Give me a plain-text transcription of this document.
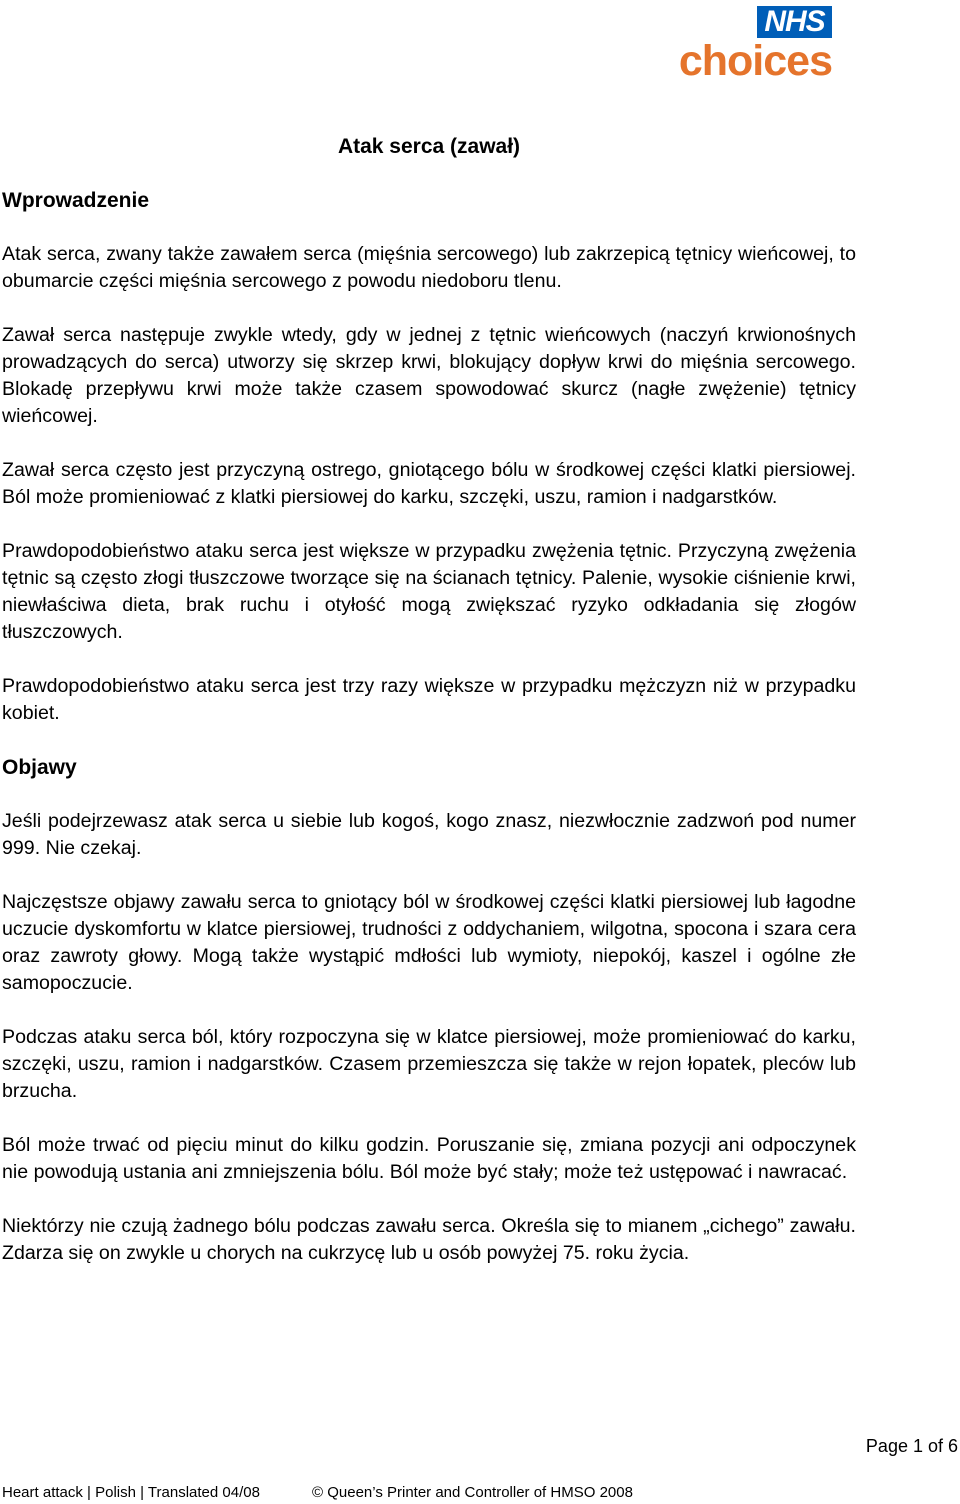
NHS
choices
Atak serca (zawał)
Wprowadzenie

Atak serca, zwany także zawałem serca (mięśnia sercowego) lub zakrzepicą tętnicy wieńcowej, to obumarcie części mięśnia sercowego z powodu niedoboru tlenu.

Zawał serca następuje zwykle wtedy, gdy w jednej z tętnic wieńcowych (naczyń krwionośnych prowadzących do serca) utworzy się skrzep krwi, blokujący dopływ krwi do mięśnia sercowego. Blokadę przepływu krwi może także czasem spowodować skurcz (nagłe zwężenie) tętnicy wieńcowej.

Zawał serca często jest przyczyną ostrego, gniotącego bólu w środkowej części klatki piersiowej. Ból może promieniować z klatki piersiowej do karku, szczęki, uszu, ramion i nadgarstków.

Prawdopodobieństwo ataku serca jest większe w przypadku zwężenia tętnic. Przyczyną zwężenia tętnic są często złogi tłuszczowe tworzące się na ścianach tętnicy. Palenie, wysokie ciśnienie krwi, niewłaściwa dieta, brak ruchu i otyłość mogą zwiększać ryzyko odkładania się złogów tłuszczowych.

Prawdopodobieństwo ataku serca jest trzy razy większe w przypadku mężczyzn niż w przypadku kobiet.

Objawy

Jeśli podejrzewasz atak serca u siebie lub kogoś, kogo znasz, niezwłocznie zadzwoń pod numer 999. Nie czekaj.

Najczęstsze objawy zawału serca to gniotący ból w środkowej części klatki piersiowej lub łagodne uczucie dyskomfortu w klatce piersiowej, trudności z oddychaniem, wilgotna, spocona i szara cera oraz zawroty głowy. Mogą także wystąpić mdłości lub wymioty, niepokój, kaszel i ogólne złe samopoczucie.

Podczas ataku serca ból, który rozpoczyna się w klatce piersiowej, może promieniować do karku, szczęki, uszu, ramion i nadgarstków. Czasem przemieszcza się także w rejon łopatek, pleców lub brzucha.

Ból może trwać od pięciu minut do kilku godzin. Poruszanie się, zmiana pozycji ani odpoczynek nie powodują ustania ani zmniejszenia bólu. Ból może być stały; może też ustępować i nawracać.

Niektórzy nie czują żadnego bólu podczas zawału serca. Określa się to mianem „cichego” zawału. Zdarza się on zwykle u chorych na cukrzycę lub u osób powyżej 75. roku życia.

Page 1 of 6
Heart attack | Polish | Translated 04/08	© Queen’s Printer and Controller of HMSO 2008
